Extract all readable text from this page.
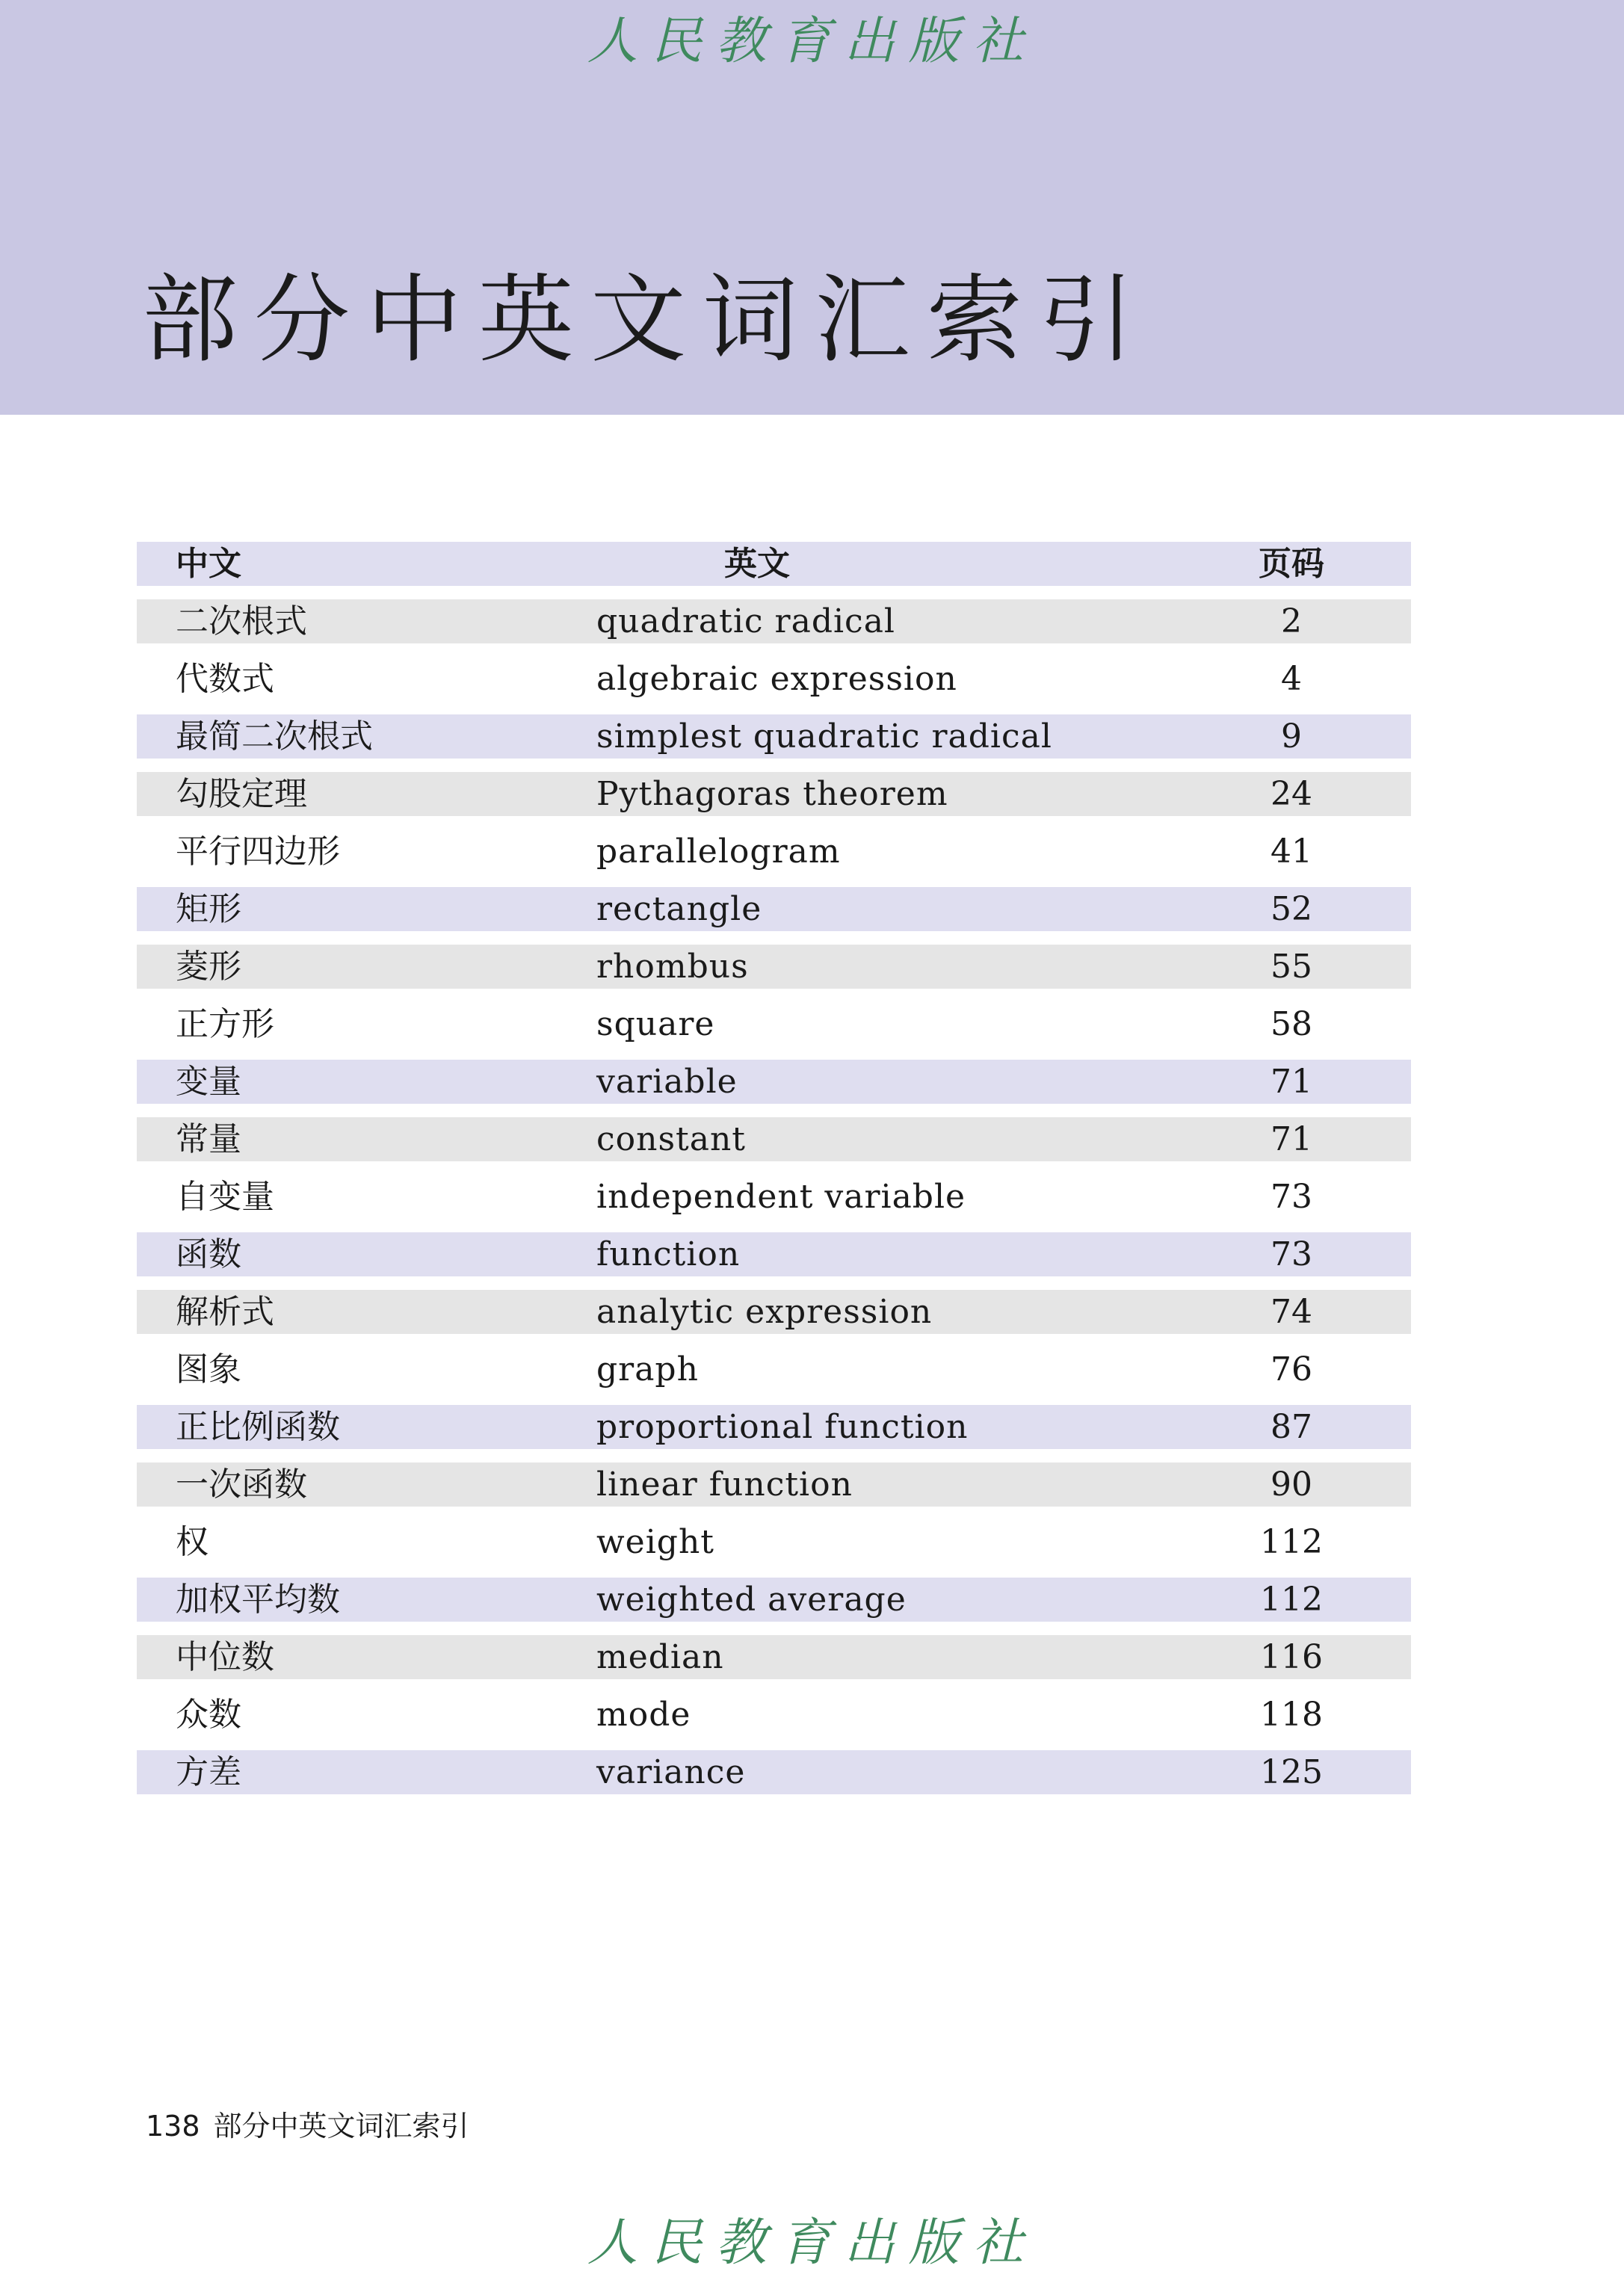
人民教育出版社
部分中英文词汇索引
中文	英文	页码
二次根式	quadratic radical	2
代数式	algebraic expression	4
最简二次根式	simplest quadratic radical	9
勾股定理	Pythagoras theorem	24
平行四边形	parallelogram	41
矩形	rectangle	52
菱形	rhombus	55
正方形	square	58
变量	variable	71
常量	constant	71
自变量	independent variable	73
函数	function	73
解析式	analytic expression	74
图象	graph	76
正比例函数	proportional function	87
一次函数	linear function	90
权	weight	112
加权平均数	weighted average	112
中位数	median	116
众数	mode	118
方差	variance	125
138 部分中英文词汇索引
人民教育出版社
